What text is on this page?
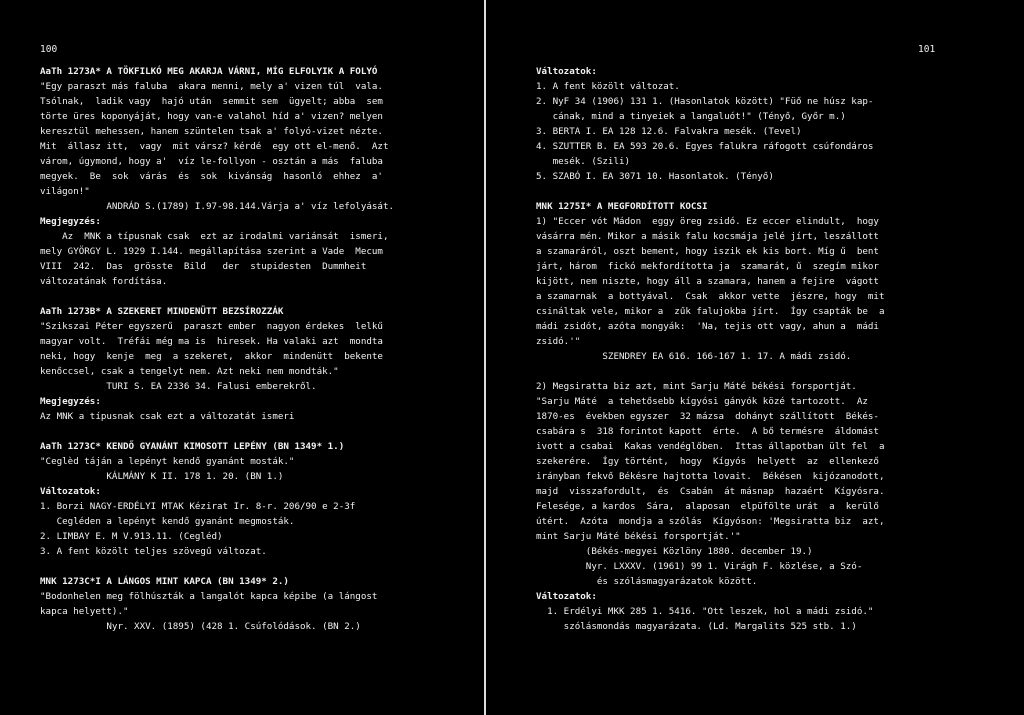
100
AaTh 1273A* A TÖKFILKÓ MEG AKARJA VÁRNI, MÍG ELFOLYIK A FOLYÓ
"Egy paraszt más faluba  akara menni, mely a' vizen túl  vala.
Tsólnak,  ladik vagy  hajó után  semmit sem  ügyelt; abba  sem
törte üres koponyáját, hogy van-e valahol híd a' vizen? melyen
keresztül mehessen, hanem szüntelen tsak a' folyó-vizet nézte.
Mit  állasz itt,  vagy  mit vársz? kérdé  egy ott el-menő.  Azt
várom, úgymond, hogy a'  víz le-follyon - osztán a más  faluba
megyek.  Be  sok  várás  és  sok  kivánság  hasonló  ehhez  a'
világon!"
ANDRÁD S.(1789) I.97-98.144.Várja a' víz lefolyását.
Megjegyzés:
Az  MNK a típusnak csak  ezt az irodalmi variánsát  ismeri,
mely GYÖRGY L. 1929 I.144. megállapítása szerint a Vade  Mecum
VIII  242.  Das  grösste  Bild   der  stupidesten  Dummheit
változatának fordítása.
AaTh 1273B* A SZEKERET MINDENÜTT BEZSÍROZZÁK
"Szikszai Péter egyszerű  paraszt ember  nagyon érdekes  lelkű
magyar volt.  Tréfái még ma is  hiresek. Ha valaki azt  mondta
neki, hogy  kenje  meg  a szekeret,  akkor  mindenütt  bekente
kenőccsel, csak a tengelyt nem. Azt neki nem mondták."
TURI S. EA 2336 34. Falusi emberekről.
Megjegyzés:
Az MNK a típusnak csak ezt a változatát ismeri
AaTh 1273C* KENDŐ GYANÁNT KIMOSOTT LEPÉNY (BN 1349* 1.)
"Ceglèd táján a lepényt kendő gyanánt mosták."
KÁLMÁNY K II. 178 1. 20. (BN 1.)
Változatok:
1. Borzi NAGY-ERDÉLYI MTAK Kézirat Ir. 8-r. 206/90 e 2-3f
Cegléden a lepényt kendő gyanánt megmosták.
2. LIMBAY E. M V.913.11. (Cegléd)
3. A fent közölt teljes szövegű változat.
MNK 1273C*I A LÁNGOS MINT KAPCA (BN 1349* 2.)
"Bodonhelen meg fölhúszták a langalót kapca képibe (a lángost
kapca helyett)."
Nyr. XXV. (1895) (428 1. Csúfolódások. (BN 2.)
101
Változatok:
1. A fent közölt változat.
2. NyF 34 (1906) 131 1. (Hasonlatok között) "Füő ne húsz kap-
cának, mind a tinyeiek a langaluót!" (Tényő, Győr m.)
3. BERTA I. EA 128 12.6. Falvakra mesék. (Tevel)
4. SZUTTER B. EA 593 20.6. Egyes falukra ráfogott csúfondáros
mesék. (Szili)
5. SZABÓ I. EA 3071 10. Hasonlatok. (Tényő)
MNK 1275I* A MEGFORDÍTOTT KOCSI
1) "Eccer vót Mádon  eggy öreg zsidó. Ez eccer elindult,  hogy
vásárra mén. Mikor a másik falu kocsmája jelé jírt, leszállott
a szamaráról, oszt bement, hogy iszik ek kis bort. Míg ű  bent
járt, három  fickó mekfordította ja  szamarát, ű  szegím mikor
kijött, nem niszte, hogy áll a szamara, hanem a fejire  vágott
a szamarnak  a bottyával.  Csak  akkor vette  jészre, hogy  mit
csináltak vele, mikor a  zűk falujokba jírt.  Így csapták be  a
mádi zsidót, azóta mongyák:  'Na, tejis ott vagy, ahun a  mádi
zsidó.'"
SZENDREY EA 616. 166-167 1. 17. A mádi zsidó.
2) Megsiratta biz azt, mint Sarju Máté békési forsportját.
"Sarju Máté  a tehetősebb kígyósi gányók közé tartozott.  Az
1870-es  években egyszer  32 mázsa  dohányt szállított  Békés-
csabára s  318 forintot kapott  érte.  A bő termésre  áldomást
ivott a csabai  Kakas vendéglőben.  Ittas állapotban ült fel  a
szekerére.  Így történt,  hogy  Kígyós  helyett  az  ellenkező
irányban fekvő Békésre hajtotta lovait.  Békésen  kijózanodott,
majd  visszafordult,  és  Csabán  át másnap  hazaért  Kígyósra.
Felesége, a kardos  Sára,  alaposan  elpüfölte urát  a  kerülő
útért.  Azóta  mondja a szólás  Kígyóson: 'Megsiratta biz  azt,
mint Sarju Máté békési forsportját.'"
(Békés-megyei Közlöny 1880. december 19.)
Nyr. LXXXV. (1961) 99 1. Virágh F. közlése, a Szó-
és szólásmagyarázatok között.
Változatok:
1. Erdélyi MKK 285 1. 5416. "Ott leszek, hol a mádi zsidó."
szólásmondás magyarázata. (Ld. Margalits 525 stb. 1.)
